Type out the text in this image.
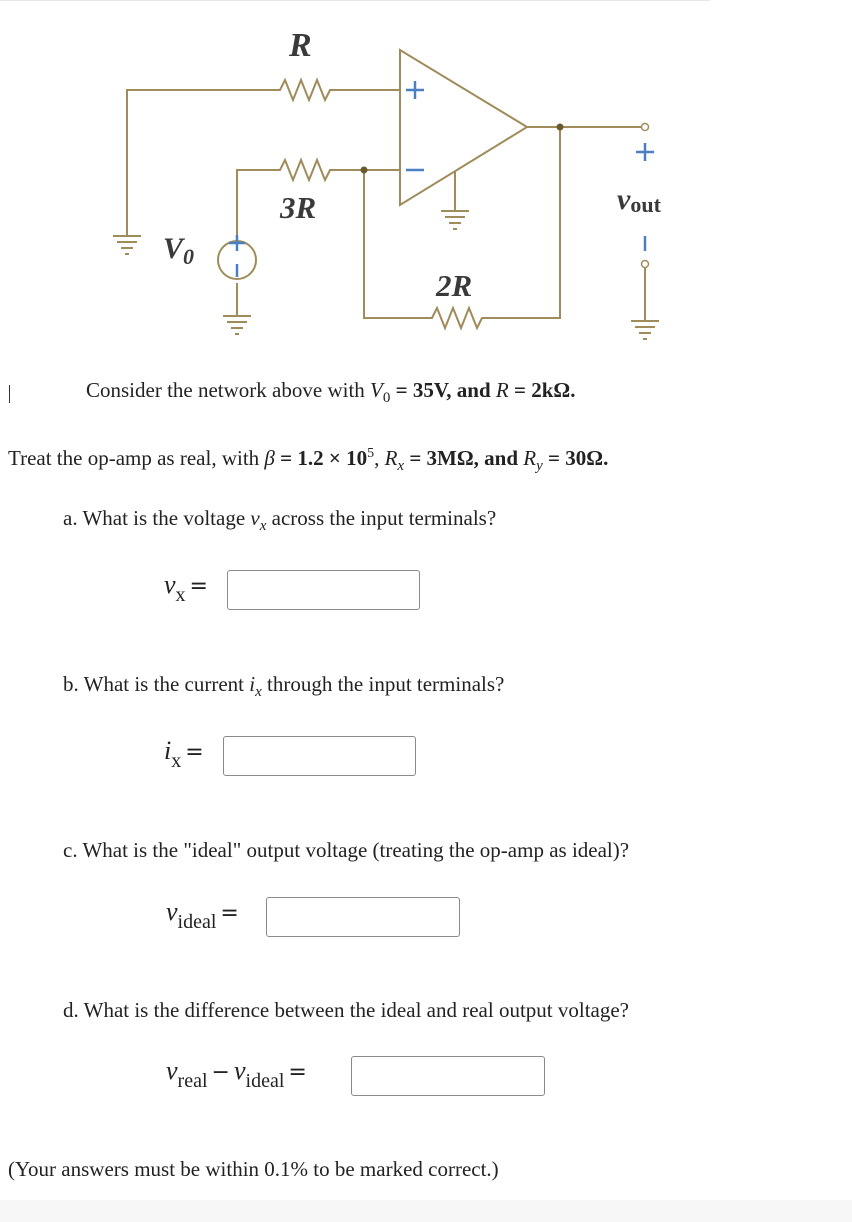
R
3R
2R
$V_0$
vout
Consider the network above with $V_0 = 35V$, and R = 2kΩ.
Treat the op-amp as real, with $\beta = 1.2 \times 10^5$, $R_x = 3M\Omega$, and $R_y = 30\Omega$.
a. What is the voltage $v_x$ across the input terminals?
$v_x$ =
b. What is the current $i_x$ through the input terminals?
$i_x$ =
c. What is the "ideal" output voltage (treating the op-amp as ideal)?
$v_{ideal}$ =
d. What is the difference between the ideal and real output voltage?
$v_{real} - v_{ideal}$ =
(Your answers must be within 0.1% to be marked correct.)
